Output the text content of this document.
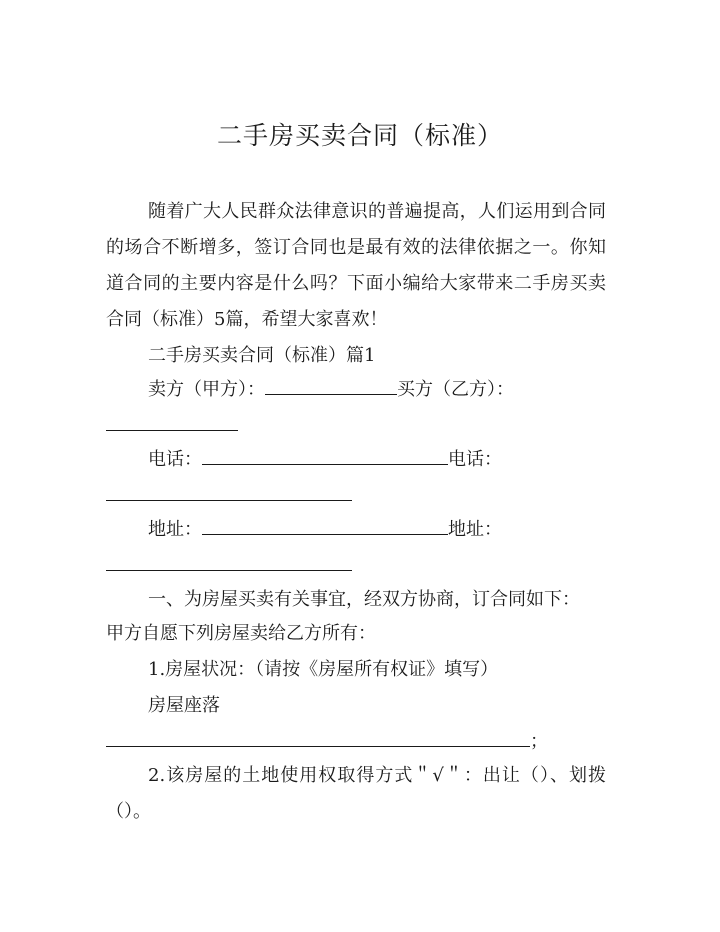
二手房买卖合同（标准）

随着广大人民群众法律意识的普遍提高，人们运用到合同的场合不断增多，签订合同也是最有效的法律依据之一。你知道合同的主要内容是什么吗？下面小编给大家带来二手房买卖合同（标准）5篇，希望大家喜欢！

二手房买卖合同（标准）篇1
卖方（甲方）：	买方（乙方）：
电话：	电话：
地址：	地址：
一、为房屋买卖有关事宜，经双方协商，订合同如下：
甲方自愿下列房屋卖给乙方所有：
1.房屋状况：（请按《房屋所有权证》填写）
房屋座落
；

2.该房屋的土地使用权取得方式＂√＂：出让（）、划拨（）。
